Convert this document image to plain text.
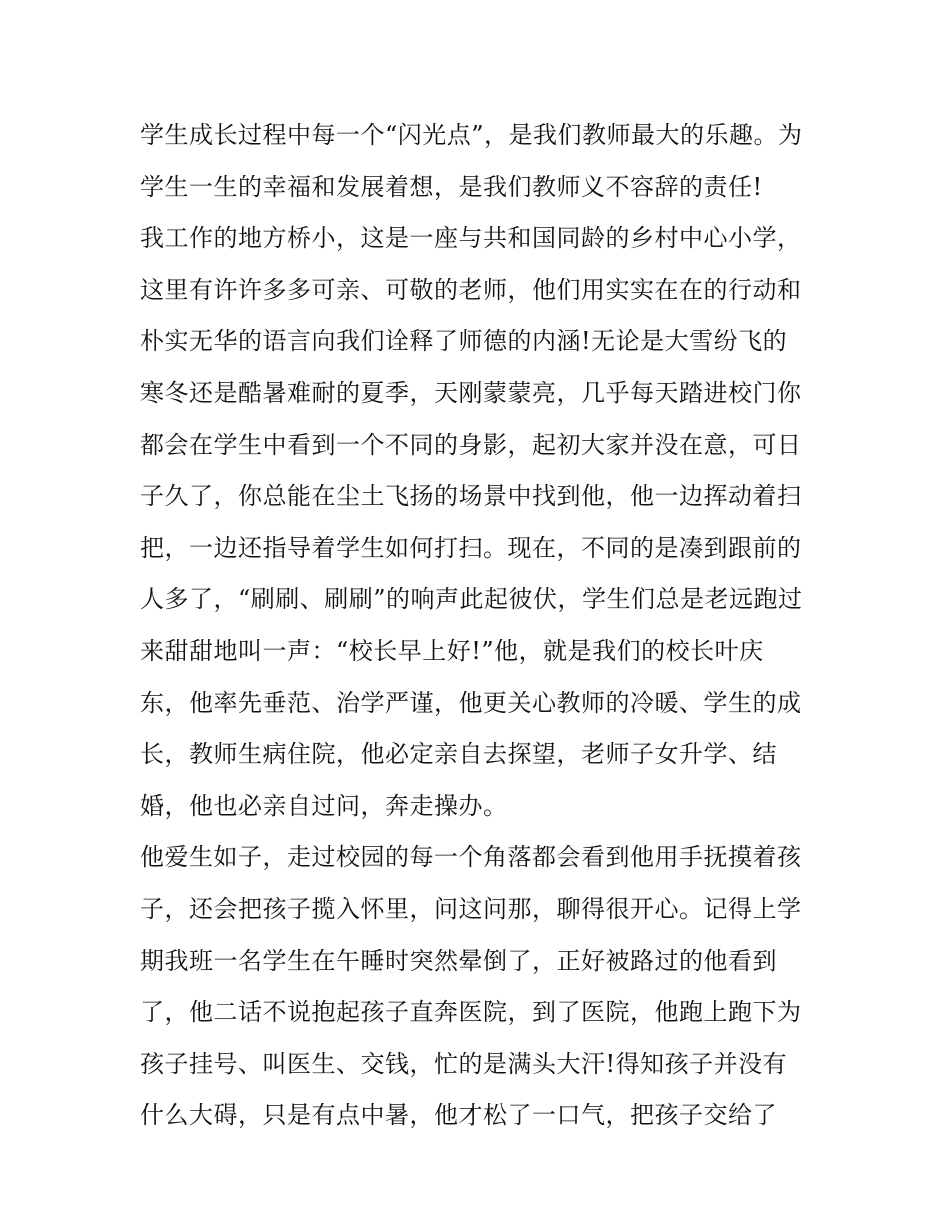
学生成长过程中每一个“闪光点”，是我们教师最大的乐趣。为
学生一生的幸福和发展着想，是我们教师义不容辞的责任!
我工作的地方桥小，这是一座与共和国同龄的乡村中心小学，
这里有许许多多可亲、可敬的老师，他们用实实在在的行动和
朴实无华的语言向我们诠释了师德的内涵!无论是大雪纷飞的
寒冬还是酷暑难耐的夏季，天刚蒙蒙亮，几乎每天踏进校门你
都会在学生中看到一个不同的身影，起初大家并没在意，可日
子久了，你总能在尘土飞扬的场景中找到他，他一边挥动着扫
把，一边还指导着学生如何打扫。现在，不同的是凑到跟前的
人多了，“刷刷、刷刷”的响声此起彼伏，学生们总是老远跑过
来甜甜地叫一声：“校长早上好!”他，就是我们的校长叶庆
东，他率先垂范、治学严谨，他更关心教师的冷暖、学生的成
长，教师生病住院，他必定亲自去探望，老师子女升学、结
婚，他也必亲自过问，奔走操办。
他爱生如子，走过校园的每一个角落都会看到他用手抚摸着孩
子，还会把孩子揽入怀里，问这问那，聊得很开心。记得上学
期我班一名学生在午睡时突然晕倒了，正好被路过的他看到
了，他二话不说抱起孩子直奔医院，到了医院，他跑上跑下为
孩子挂号、叫医生、交钱，忙的是满头大汗!得知孩子并没有
什么大碍，只是有点中暑，他才松了一口气，把孩子交给了
